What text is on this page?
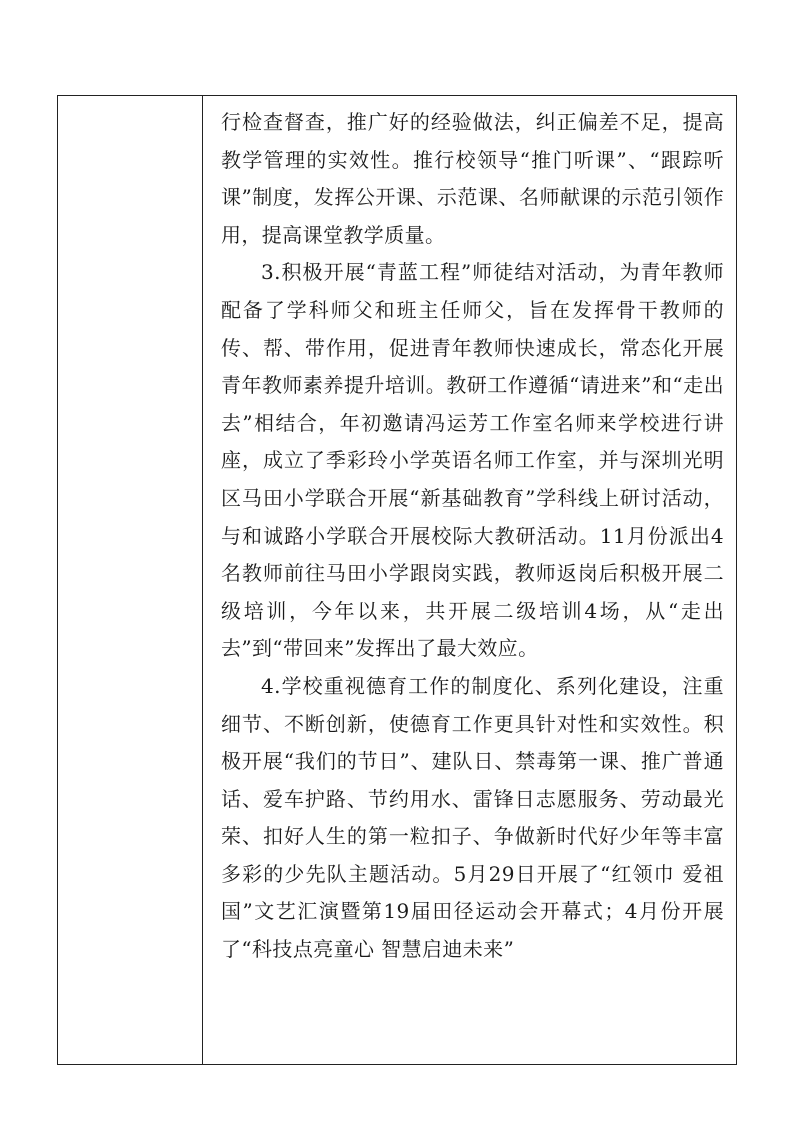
行检查督查，推广好的经验做法，纠正偏差不足，提高教学管理的实效性。推行校领导“推门听课”、“跟踪听课”制度，发挥公开课、示范课、名师献课的示范引领作用，提高课堂教学质量。

3.积极开展“青蓝工程”师徒结对活动，为青年教师配备了学科师父和班主任师父，旨在发挥骨干教师的传、帮、带作用，促进青年教师快速成长，常态化开展青年教师素养提升培训。教研工作遵循“请进来”和“走出去”相结合，年初邀请冯运芳工作室名师来学校进行讲座，成立了季彩玲小学英语名师工作室，并与深圳光明区马田小学联合开展“新基础教育”学科线上研讨活动，与和诚路小学联合开展校际大教研活动。11月份派出4名教师前往马田小学跟岗实践，教师返岗后积极开展二级培训，今年以来，共开展二级培训4场，从“走出去”到“带回来”发挥出了最大效应。

4.学校重视德育工作的制度化、系列化建设，注重细节、不断创新，使德育工作更具针对性和实效性。积极开展“我们的节日”、建队日、禁毒第一课、推广普通话、爱车护路、节约用水、雷锋日志愿服务、劳动最光荣、扣好人生的第一粒扣子、争做新时代好少年等丰富多彩的少先队主题活动。5月29日开展了“红领巾 爱祖国”文艺汇演暨第19届田径运动会开幕式；4月份开展了“科技点亮童心 智慧启迪未来”
